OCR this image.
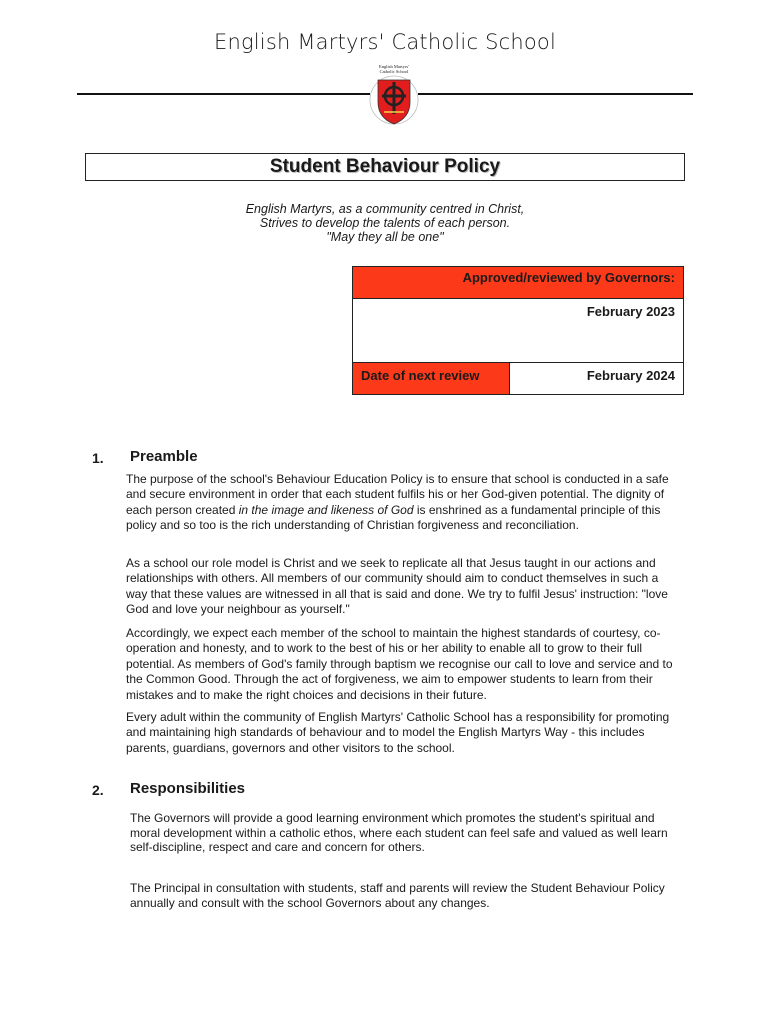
English Martyrs' Catholic School
English Martyrs'
Catholic School
Student Behaviour Policy
English Martyrs, as a community centred in Christ,
Strives to develop the talents of each person.
"May they all be one"
Approved/reviewed by Governors:
February 2023
Date of next review	February 2024
1. Preamble

The purpose of the school's Behaviour Education Policy is to ensure that school is conducted in a safe and secure environment in order that each student fulfils his or her God-given potential. The dignity of each person created in the image and likeness of God is enshrined as a fundamental principle of this policy and so too is the rich understanding of Christian forgiveness and reconciliation.

As a school our role model is Christ and we seek to replicate all that Jesus taught in our actions and relationships with others. All members of our community should aim to conduct themselves in such a way that these values are witnessed in all that is said and done. We try to fulfil Jesus' instruction: "love God and love your neighbour as yourself."

Accordingly, we expect each member of the school to maintain the highest standards of courtesy, co-operation and honesty, and to work to the best of his or her ability to enable all to grow to their full potential. As members of God's family through baptism we recognise our call to love and service and to the Common Good. Through the act of forgiveness, we aim to empower students to learn from their mistakes and to make the right choices and decisions in their future.

Every adult within the community of English Martyrs' Catholic School has a responsibility for promoting and maintaining high standards of behaviour and to model the English Martyrs Way - this includes parents, guardians, governors and other visitors to the school.

2. Responsibilities

The Governors will provide a good learning environment which promotes the student's spiritual and moral development within a catholic ethos, where each student can feel safe and valued as well learn

self-discipline, respect and care and concern for others.

The Principal in consultation with students, staff and parents will review the Student Behaviour Policy annually and consult with the school Governors about any changes.
